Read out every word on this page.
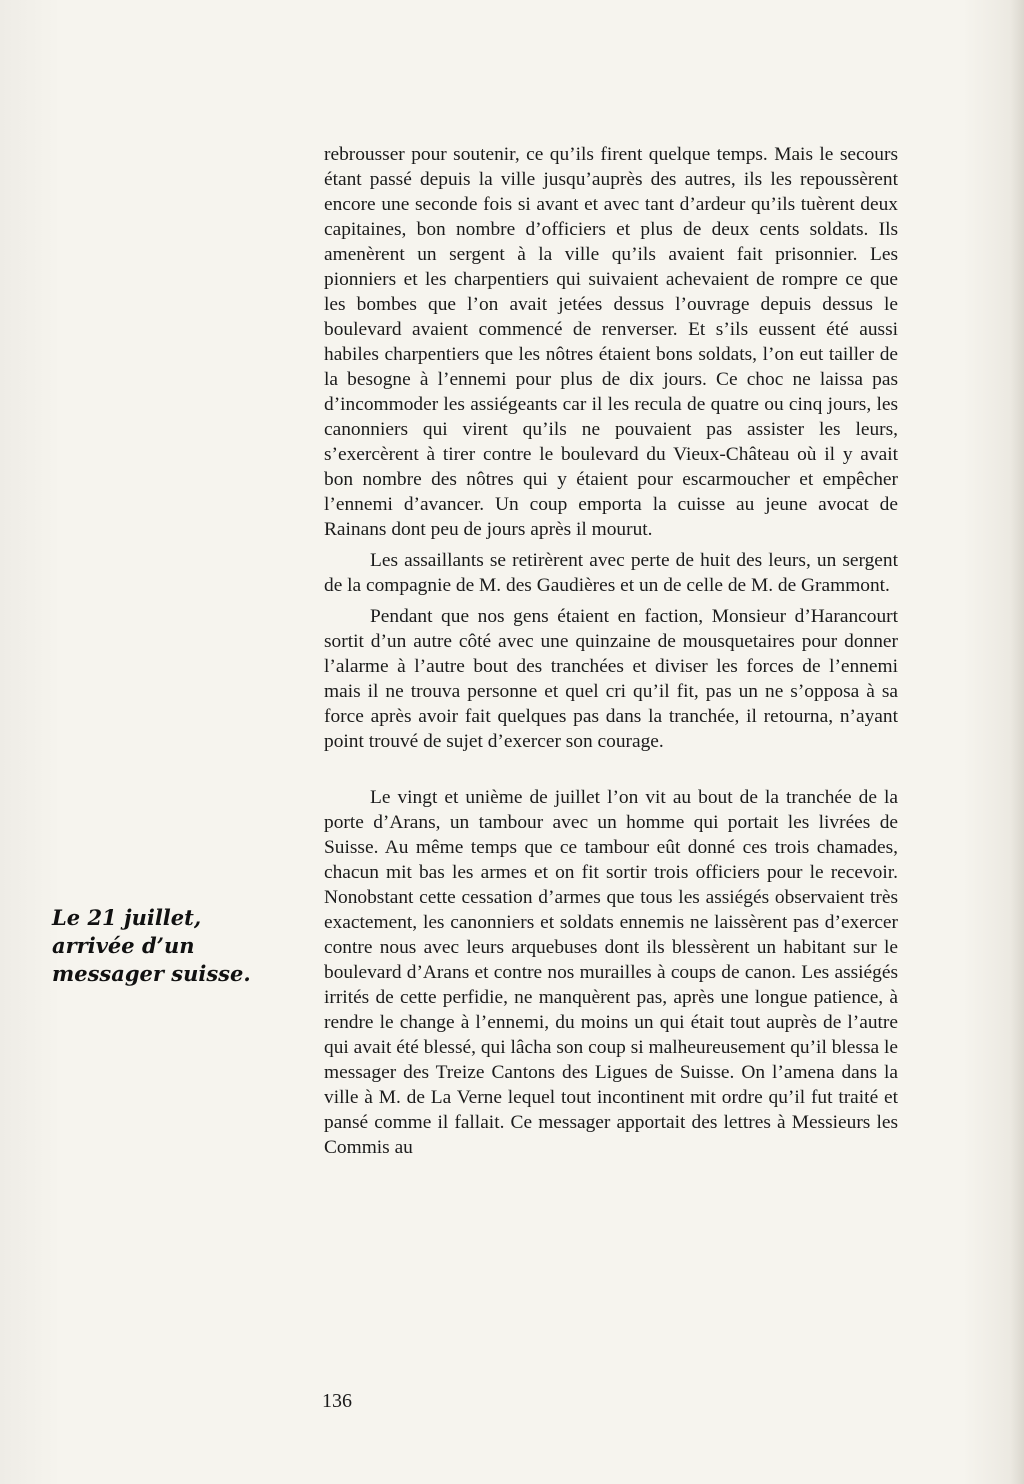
Le 21 juillet,
arrivée d’un
messager suisse.

rebrousser pour soutenir, ce qu’ils firent quelque temps. Mais le secours étant passé depuis la ville jusqu’auprès des autres, ils les repoussèrent encore une seconde fois si avant et avec tant d’ardeur qu’ils tuèrent deux capitaines, bon nombre d’officiers et plus de deux cents soldats. Ils amenèrent un sergent à la ville qu’ils avaient fait prisonnier. Les pionniers et les charpentiers qui suivaient achevaient de rompre ce que les bombes que l’on avait jetées dessus l’ouvrage depuis dessus le boulevard avaient commencé de renverser. Et s’ils eussent été aussi habiles charpentiers que les nôtres étaient bons soldats, l’on eut tailler de la besogne à l’ennemi pour plus de dix jours. Ce choc ne laissa pas d’incommoder les assiégeants car il les recula de quatre ou cinq jours, les canonniers qui virent qu’ils ne pouvaient pas assister les leurs, s’exercèrent à tirer contre le boulevard du Vieux-Château où il y avait bon nombre des nôtres qui y étaient pour escarmoucher et empêcher l’ennemi d’avancer. Un coup emporta la cuisse au jeune avocat de Rainans dont peu de jours après il mourut.

Les assaillants se retirèrent avec perte de huit des leurs, un sergent de la compagnie de M. des Gaudières et un de celle de M. de Grammont.

Pendant que nos gens étaient en faction, Monsieur d’Harancourt sortit d’un autre côté avec une quinzaine de mousquetaires pour donner l’alarme à l’autre bout des tranchées et diviser les forces de l’ennemi mais il ne trouva personne et quel cri qu’il fit, pas un ne s’opposa à sa force après avoir fait quelques pas dans la tranchée, il retourna, n’ayant point trouvé de sujet d’exercer son courage.

Le vingt et unième de juillet l’on vit au bout de la tranchée de la porte d’Arans, un tambour avec un homme qui portait les livrées de Suisse. Au même temps que ce tambour eût donné ces trois chamades, chacun mit bas les armes et on fit sortir trois officiers pour le recevoir. Nonobstant cette cessation d’armes que tous les assiégés observaient très exactement, les canonniers et soldats ennemis ne laissèrent pas d’exercer contre nous avec leurs arquebuses dont ils blessèrent un habitant sur le boulevard d’Arans et contre nos murailles à coups de canon. Les assiégés irrités de cette perfidie, ne manquèrent pas, après une longue patience, à rendre le change à l’ennemi, du moins un qui était tout auprès de l’autre qui avait été blessé, qui lâcha son coup si malheureusement qu’il blessa le messager des Treize Cantons des Ligues de Suisse. On l’amena dans la ville à M. de La Verne lequel tout incontinent mit ordre qu’il fut traité et pansé comme il fallait. Ce messager apportait des lettres à Messieurs les Commis au

136
